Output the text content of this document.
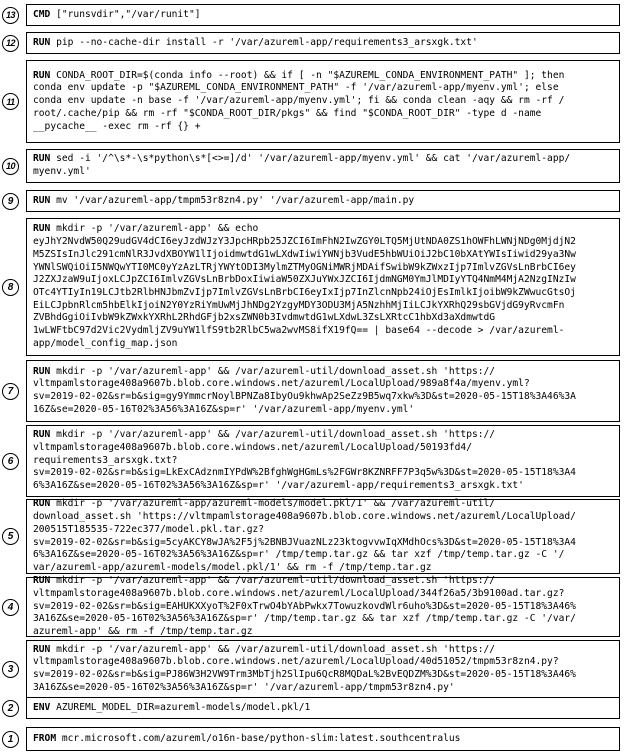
CMD ["runsvdir","/var/runit"]
13
RUN pip --no-cache-dir install -r '/var/azureml-app/requirements3_arsxgk.txt'
12
RUN CONDA_ROOT_DIR=$(conda info --root) && if [ -n "$AZUREML_CONDA_ENVIRONMENT_PATH" ]; then
conda env update -p "$AZUREML_CONDA_ENVIRONMENT_PATH" -f '/var/azureml-app/myenv.yml'; else
conda env update -n base -f '/var/azureml-app/myenv.yml'; fi && conda clean -aqy && rm -rf /
root/.cache/pip && rm -rf "$CONDA_ROOT_DIR/pkgs" && find "$CONDA_ROOT_DIR" -type d -name
__pycache__ -exec rm -rf {} +
11
RUN sed -i '/^\s*-\s*python\s*[<>=]/d' '/var/azureml-app/myenv.yml' && cat '/var/azureml-app/
myenv.yml'
10
RUN mv '/var/azureml-app/tmpm53r8zn4.py' '/var/azureml-app/main.py
9
RUN mkdir -p '/var/azureml-app' && echo
eyJhY2NvdW50Q29udGV4dCI6eyJzdWJzY3JpcHRpb25JZCI6ImFhN2IwZGY0LTQ5MjUtNDA0ZS1hOWFhLWNjNDg0MjdjN2
M5ZSIsInJlc291cmNlR3JvdXBOYW1lIjoidmwtdG1wLXdwIiwiYWNjb3VudE5hbWUiOiJ2bC10bXAtYWIsIiwid29ya3Nw
YWNlSWQiOiI5NWQwYTI0MC0yYzAzLTRjYWYtODI3MylmZTMyOGNiMWRjMDAifSwibW9kZWxzIjp7ImlvZGVsLnBrbCI6ey
J2ZXJzaW9uIjoxLCJpZCI6ImlvZGVsLnBrbDoxIiwiaW50ZXJuYWxJZCI6IjdmNGM0YmJlMDIyYTQ4NmM4MjA2NzgINzIw
OTc4YTIyIn19LCJtb2RlbHNJbmZvIjp7ImlvZGVsLnBrbCI6eyIxIjp7InZlcnNpb24iOjEsImlkIjoibW9kZWwucGtsOj
EiLCJpbnRlcm5hbElkIjoiN2Y0YzRiYmUwMjJhNDg2YzgyMDY3ODU3MjA5NzhhMjIiLCJkYXRhQ29sbGVjdG9yRvcmFn
ZVBhdGgiOiIvbW9kZWxkYXRhL2RhdGFjb2xsZWN0b3IvdmwtdG1wLXdwL3ZsLXRtcC1hbXd3aXdmwtdG
1wLWFtbC97d2Vic2VydmljZV9uYW1lfS9tb2RlbC5wa2wvMS8ifX19fQ== | base64 --decode > /var/azureml-
app/model_config_map.json
8
RUN mkdir -p '/var/azureml-app' && /var/azureml-util/download_asset.sh 'https://
vltmpamlstorage408a9607b.blob.core.windows.net/azureml/LocalUpload/989a8f4a/myenv.yml?
sv=2019-02-02&sr=b&sig=gy9YmmcrNoylBPNZa8IbyOu9khwAp2SeZz9B5wq7xkw%3D&st=2020-05-15T18%3A46%3A
16Z&se=2020-05-16T02%3A56%3A16Z&sp=r' '/var/azureml-app/myenv.yml'
7
RUN mkdir -p '/var/azureml-app' && /var/azureml-util/download_asset.sh 'https://
vltmpamlstorage408a9607b.blob.core.windows.net/azureml/LocalUpload/50193fd4/
requirements3_arsxgk.txt?
sv=2019-02-02&sr=b&sig=LkExCAdznmIYPdW%2BfghWgHGmLs%2FGWr8KZNRFF7P3q5w%3D&st=2020-05-15T18%3A4
6%3A16Z&se=2020-05-16T02%3A56%3A16Z&sp=r' '/var/azureml-app/requirements3_arsxgk.txt'
6
RUN mkdir -p '/var/azureml-app/azureml-models/model.pkl/1' && /var/azureml-util/
download_asset.sh 'https://vltmpamlstorage408a9607b.blob.core.windows.net/azureml/LocalUpload/
200515T185535-722ec377/model.pkl.tar.gz?
sv=2019-02-02&sr=b&sig=5cyAKCY8wJA%2F5j%2BNBJVuazNLz23ktogvvwIqXMdhOcs%3D&st=2020-05-15T18%3A4
6%3A16Z&se=2020-05-16T02%3A56%3A16Z&sp=r' /tmp/temp.tar.gz && tar xzf /tmp/temp.tar.gz -C '/
var/azureml-app/azureml-models/model.pkl/1' && rm -f /tmp/temp.tar.gz
5
RUN mkdir -p '/var/azureml-app' && /var/azureml-util/download_asset.sh 'https://
vltmpamlstorage408a9607b.blob.core.windows.net/azureml/LocalUpload/344f26a5/3b9100ad.tar.gz?
sv=2019-02-02&sr=b&sig=EAHUKXXyoT%2F0xTrwO4bYAbPwkx7TowuzkovdWlr6uho%3D&st=2020-05-15T18%3A46%
3A16Z&se=2020-05-16T02%3A56%3A16Z&sp=r' /tmp/temp.tar.gz && tar xzf /tmp/temp.tar.gz -C '/var/
azureml-app' && rm -f /tmp/temp.tar.gz
4
RUN mkdir -p '/var/azureml-app' && /var/azureml-util/download_asset.sh 'https://
vltmpamlstorage408a9607b.blob.core.windows.net/azureml/LocalUpload/40d51052/tmpm53r8zn4.py?
sv=2019-02-02&sr=b&sig=PJ86W3H2VW9Trm3MbTjh2SlIpu6QcR8MQDaL%2BvEQDZM%3D&st=2020-05-15T18%3A46%
3A16Z&se=2020-05-16T02%3A56%3A16Z&sp=r' '/var/azureml-app/tmpm53r8zn4.py'
3
ENV AZUREML_MODEL_DIR=azureml-models/model.pkl/1
2
FROM mcr.microsoft.com/azureml/o16n-base/python-slim:latest.southcentralus
1
